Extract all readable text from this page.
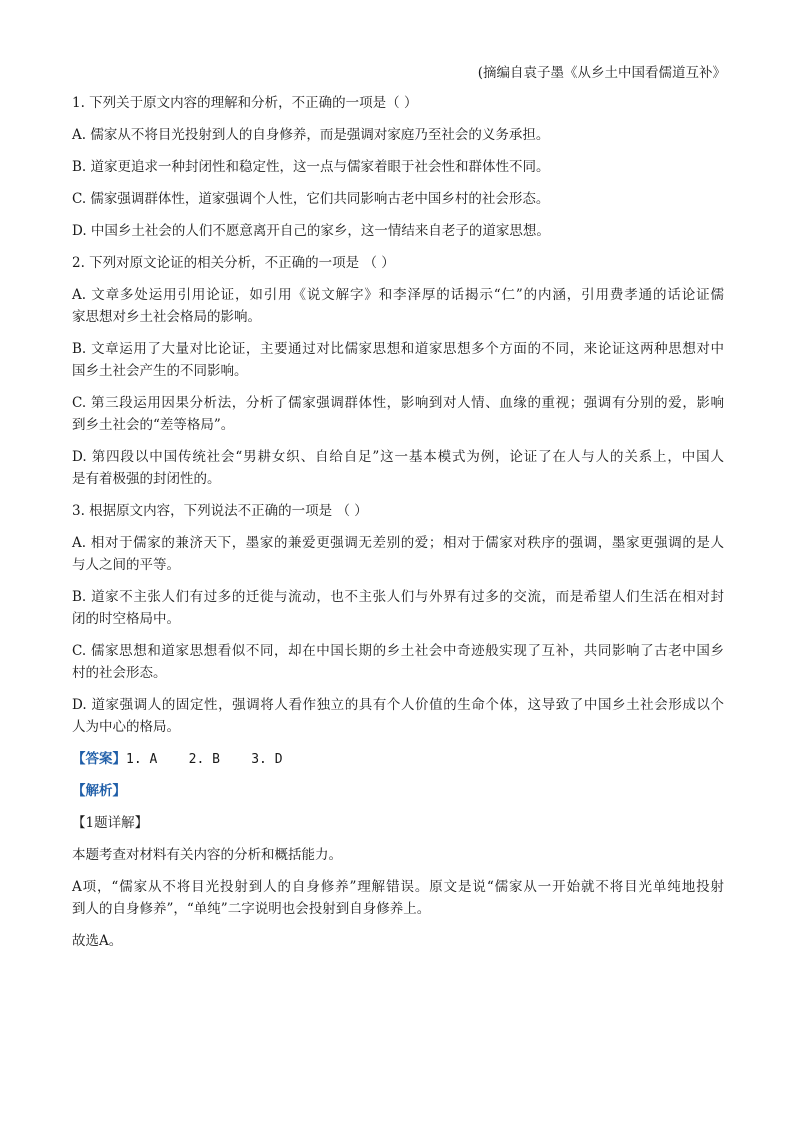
(摘编自袁子墨《从乡土中国看儒道互补》
1. 下列关于原文内容的理解和分析，不正确的一项是（ ）
A. 儒家从不将目光投射到人的自身修养，而是强调对家庭乃至社会的义务承担。
B. 道家更追求一种封闭性和稳定性，这一点与儒家着眼于社会性和群体性不同。
C. 儒家强调群体性，道家强调个人性，它们共同影响古老中国乡村的社会形态。
D. 中国乡土社会的人们不愿意离开自己的家乡，这一情结来自老子的道家思想。
2. 下列对原文论证的相关分析，不正确的一项是 （ ）
A. 文章多处运用引用论证，如引用《说文解字》和李泽厚的话揭示“仁”的内涵，引用费孝通的话论证儒
家思想对乡土社会格局的影响。
B. 文章运用了大量对比论证，主要通过对比儒家思想和道家思想多个方面的不同，来论证这两种思想对中
国乡土社会产生的不同影响。
C. 第三段运用因果分析法，分析了儒家强调群体性，影响到对人情、血缘的重视；强调有分别的爱，影响
到乡土社会的“差等格局”。
D. 第四段以中国传统社会“男耕女织、自给自足”这一基本模式为例，论证了在人与人的关系上，中国人
是有着极强的封闭性的。
3. 根据原文内容，下列说法不正确的一项是 （ ）
A. 相对于儒家的兼济天下，墨家的兼爱更强调无差别的爱；相对于儒家对秩序的强调，墨家更强调的是人
与人之间的平等。
B. 道家不主张人们有过多的迁徙与流动，也不主张人们与外界有过多的交流，而是希望人们生活在相对封
闭的时空格局中。
C. 儒家思想和道家思想看似不同，却在中国长期的乡土社会中奇迹般实现了互补，共同影响了古老中国乡
村的社会形态。
D. 道家强调人的固定性，强调将人看作独立的具有个人价值的生命个体，这导致了中国乡土社会形成以个
人为中心的格局。
【答案】1. A    2. B    3. D
【解析】
【1题详解】
本题考查对材料有关内容的分析和概括能力。
A项，“儒家从不将目光投射到人的自身修养”理解错误。原文是说“儒家从一开始就不将目光单纯地投射
到人的自身修养”，“单纯”二字说明也会投射到自身修养上。
故选A。
